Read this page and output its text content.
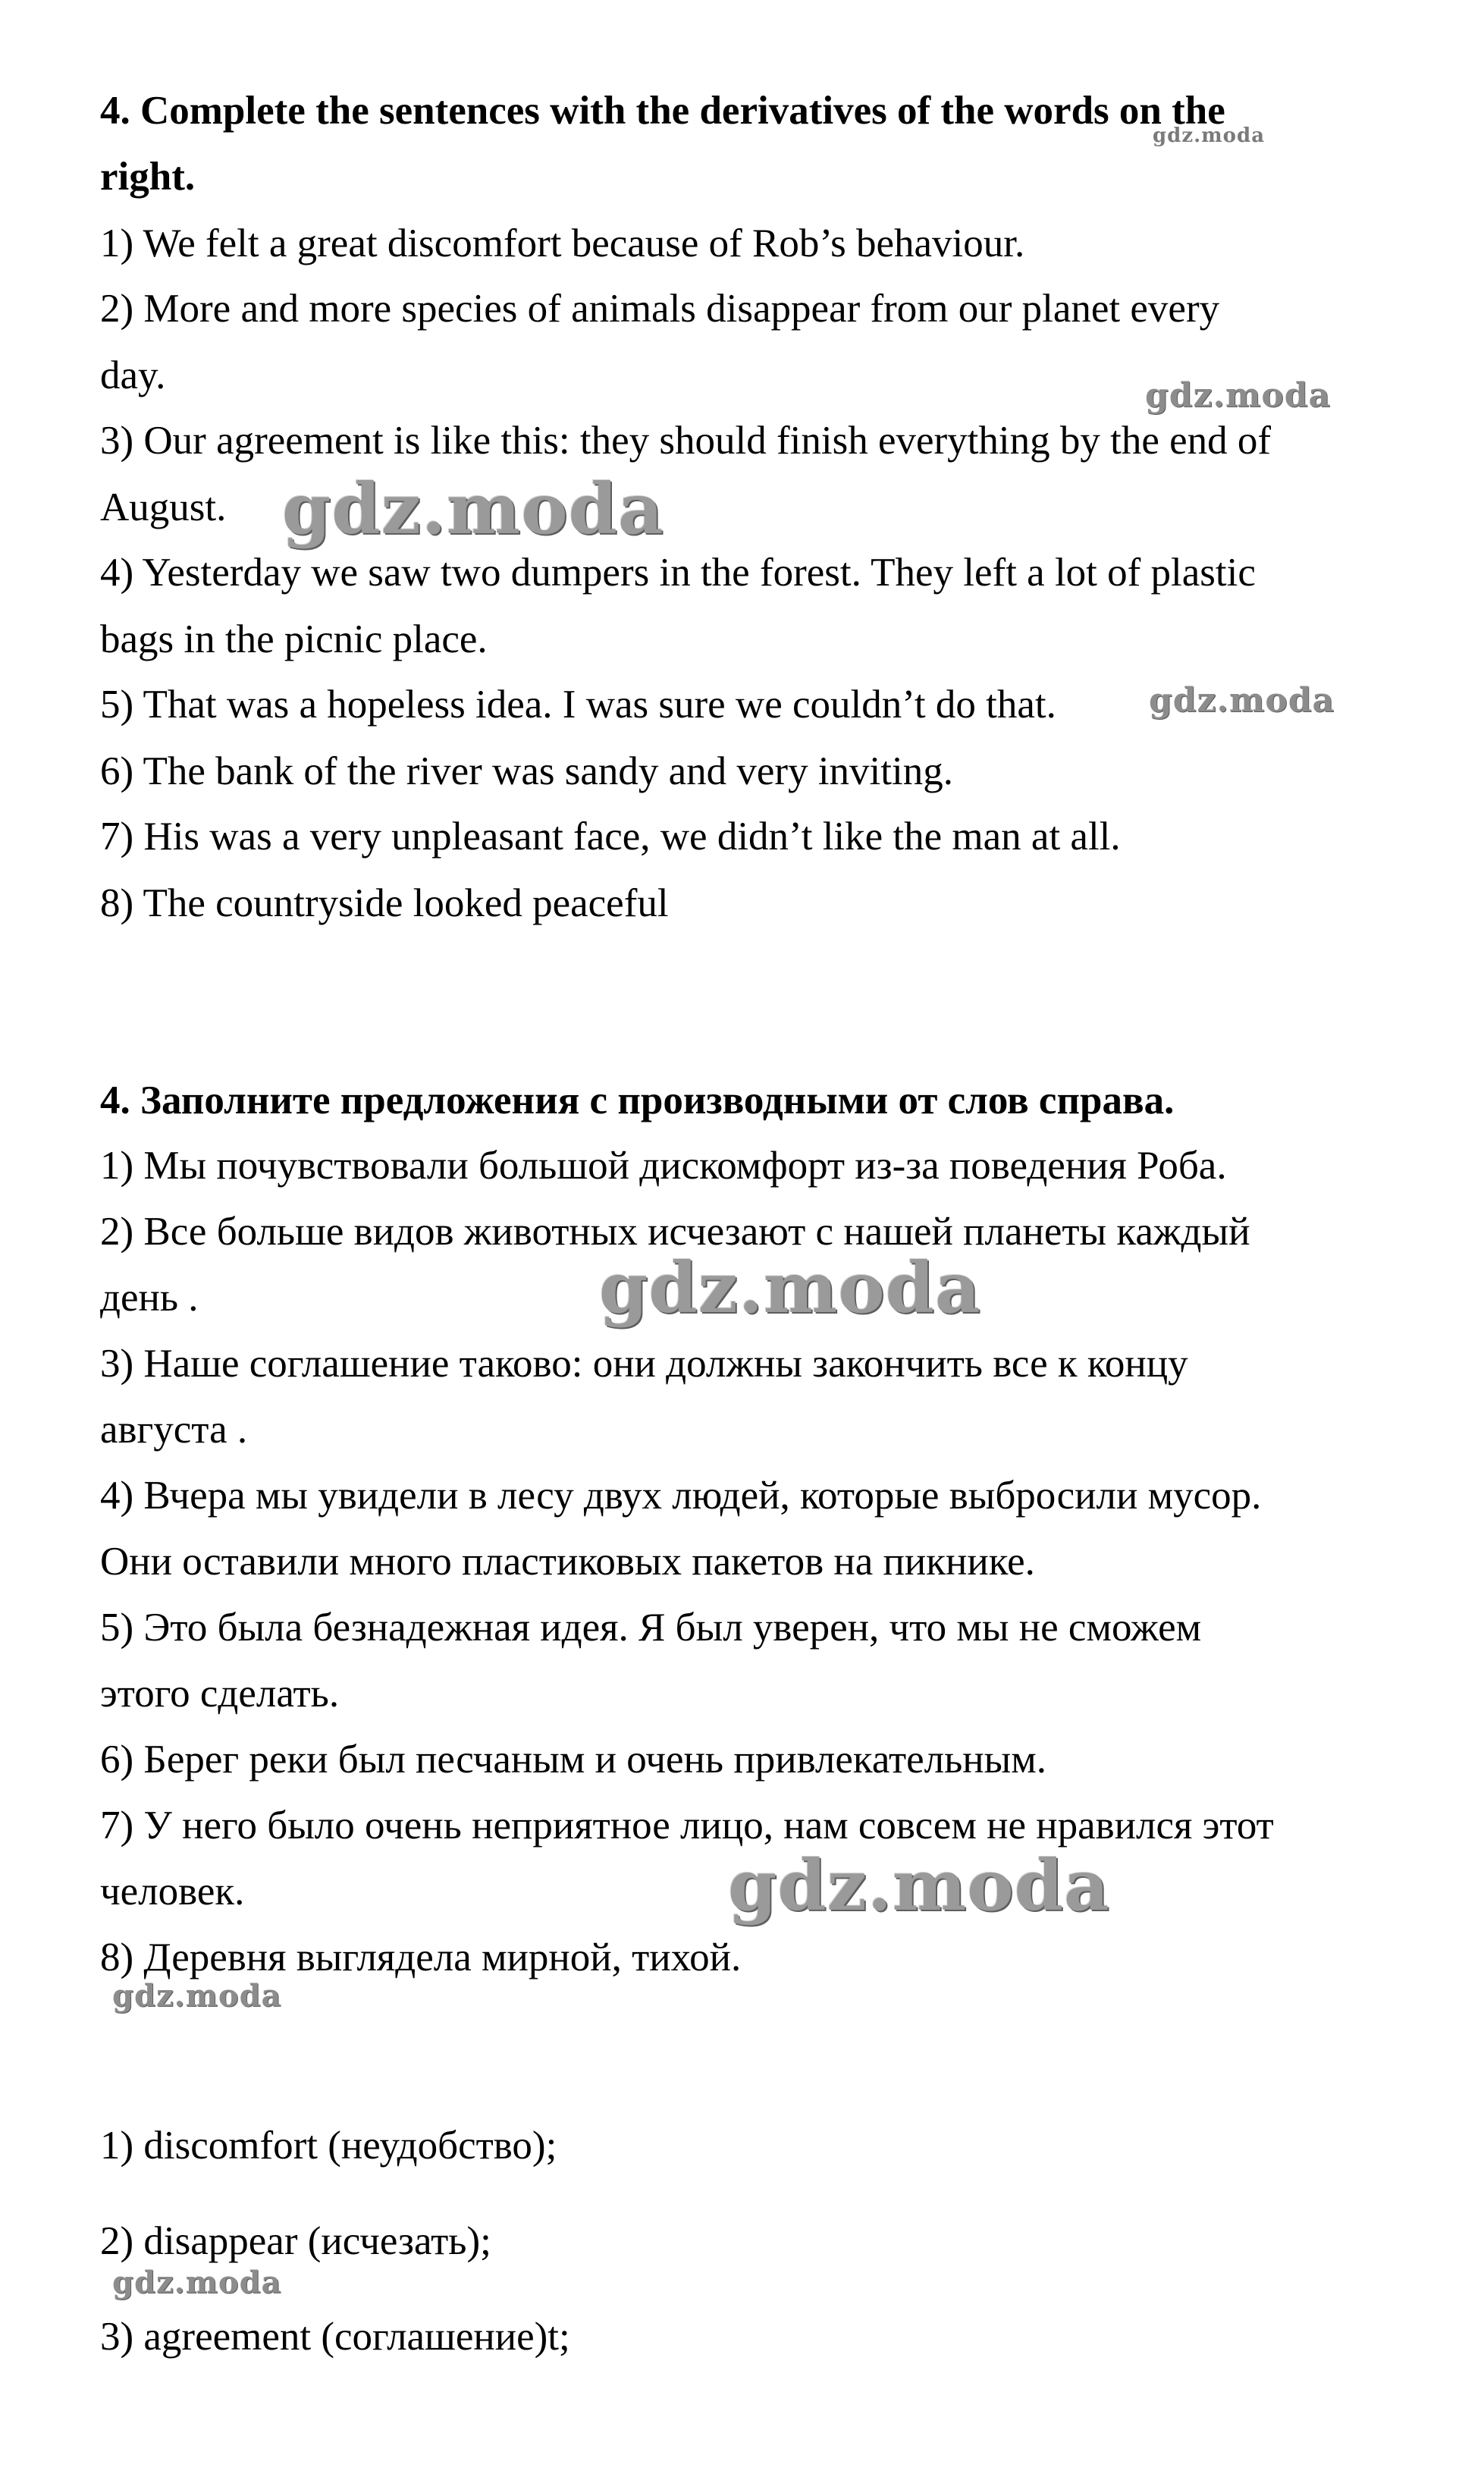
4. Complete the sentences with the derivatives of the words on the

right.

1) We felt a great discomfort because of Rob’s behaviour.

2) More and more species of animals disappear from our planet every

day.

3) Our agreement is like this: they should finish everything by the end of

August.

4) Yesterday we saw two dumpers in the forest. They left a lot of plastic

bags in the picnic place.

5) That was a hopeless idea. I was sure we couldn’t do that.

6) The bank of the river was sandy and very inviting.

7) His was a very unpleasant face, we didn’t like the man at all.

8) The countryside looked peaceful

4. Заполните предложения с производными от слов справа.

1) Мы почувствовали большой дискомфорт из-за поведения Роба.

2) Все больше видов животных исчезают с нашей планеты каждый

день .

3) Наше соглашение таково: они должны закончить все к концу

августа .

4) Вчера мы увидели в лесу двух людей, которые выбросили мусор.

Они оставили много пластиковых пакетов на пикнике.

5) Это была безнадежная идея. Я был уверен, что мы не сможем

этого сделать.

6) Берег реки был песчаным и очень привлекательным.

7) У него было очень неприятное лицо, нам совсем не нравился этот

человек.

8) Деревня выглядела мирной, тихой.

1) discomfort (неудобство);

2) disappear (исчезать);

3) agreement (соглашение)t;

gdz.moda
gdz.moda
gdz.moda
gdz.moda
gdz.moda
gdz.moda
gdz.moda
gdz.moda
